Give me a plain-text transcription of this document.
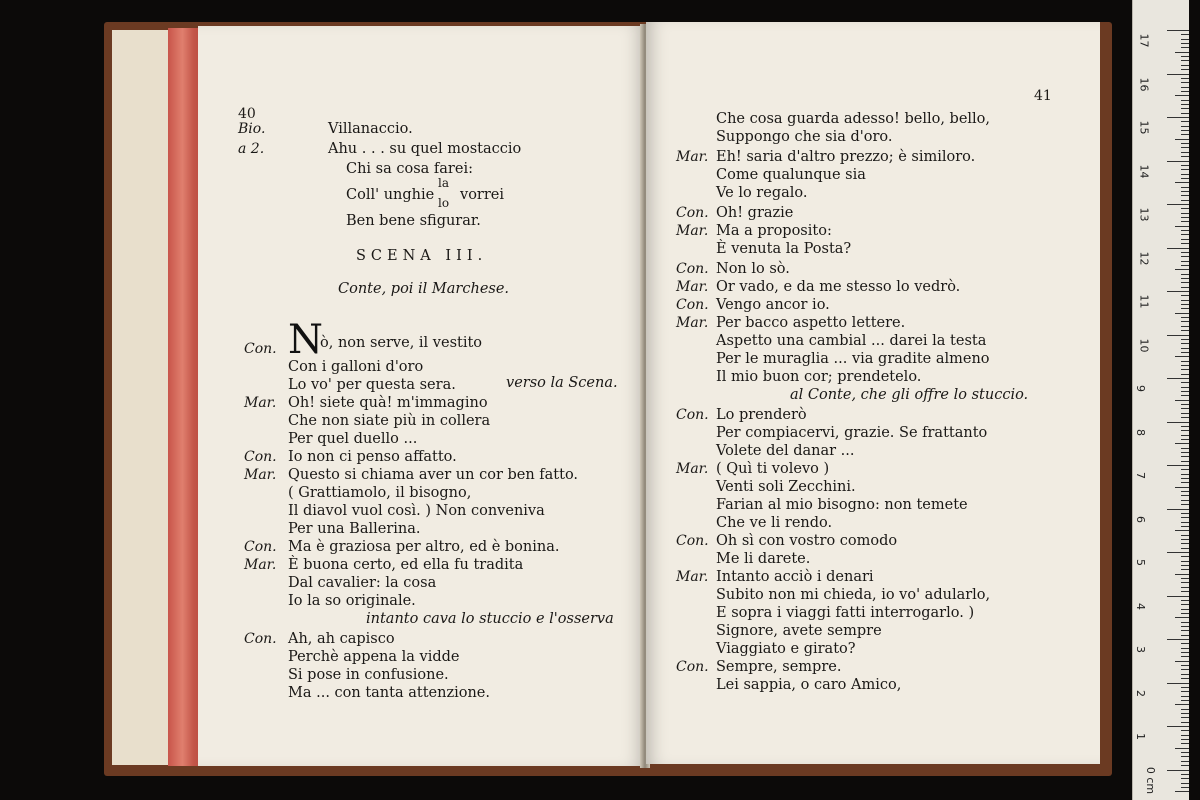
40
Bio.	Villanaccio.
a 2.	Ahu . . . su quel mostaccio
Chi sa cosa farei:
Coll' unghie
la
lo vorrei
Ben bene sfigurar.
SCENA III.
Conte, poi il Marchese.
N
Con.	ò, non serve, il vestito
Con i galloni d'oro
Lo vo' per questa sera.	verso la Scena.
Mar. Oh! siete quà! m'immagino
Che non siate più in collera
Per quel duello ...
Con. Io non ci penso affatto.
Mar. Questo si chiama aver un cor ben fatto.
( Grattiamolo, il bisogno,
Il diavol vuol così. ) Non conveniva
Per una Ballerina.
Con. Ma è graziosa per altro, ed è bonina.
Mar. È buona certo, ed ella fu tradita
Dal cavalier: la cosa
Io la so originale.
intanto cava lo stuccio e l'osserva
Con. Ah, ah capisco
Perchè appena la vidde
Si pose in confusione.
Ma ... con tanta attenzione.
41
Che cosa guarda adesso! bello, bello,
Suppongo che sia d'oro.
Mar. Eh! saria d'altro prezzo; è similoro.
Come qualunque sia
Ve lo regalo.
Con. Oh! grazie
Mar. Ma a proposito:
È venuta la Posta?
Con. Non lo sò.
Mar. Or vado, e da me stesso lo vedrò.
Con. Vengo ancor io.
Mar. Per bacco aspetto lettere.
Aspetto una cambial ... darei la testa
Per le muraglia ... via gradite almeno
Il mio buon cor; prendetelo.
al Conte, che gli offre lo stuccio.
Con. Lo prenderò
Per compiacervi, grazie. Se frattanto
Volete del danar ...
Mar. ( Quì ti volevo )
Venti soli Zecchini.
Farian al mio bisogno: non temete
Che ve li rendo.
Con. Oh sì con vostro comodo
Me li darete.
Mar. Intanto acciò i denari
Subito non mi chieda, io vo' adularlo,
E sopra i viaggi fatti interrogarlo. )
Signore, avete sempre
Viaggiato e girato?
Con. Sempre, sempre.
Lei sappia, o caro Amico,
17
16
15
14
13
12
11
10
9
8
7
6
5
4
3
2
1
0 cm
